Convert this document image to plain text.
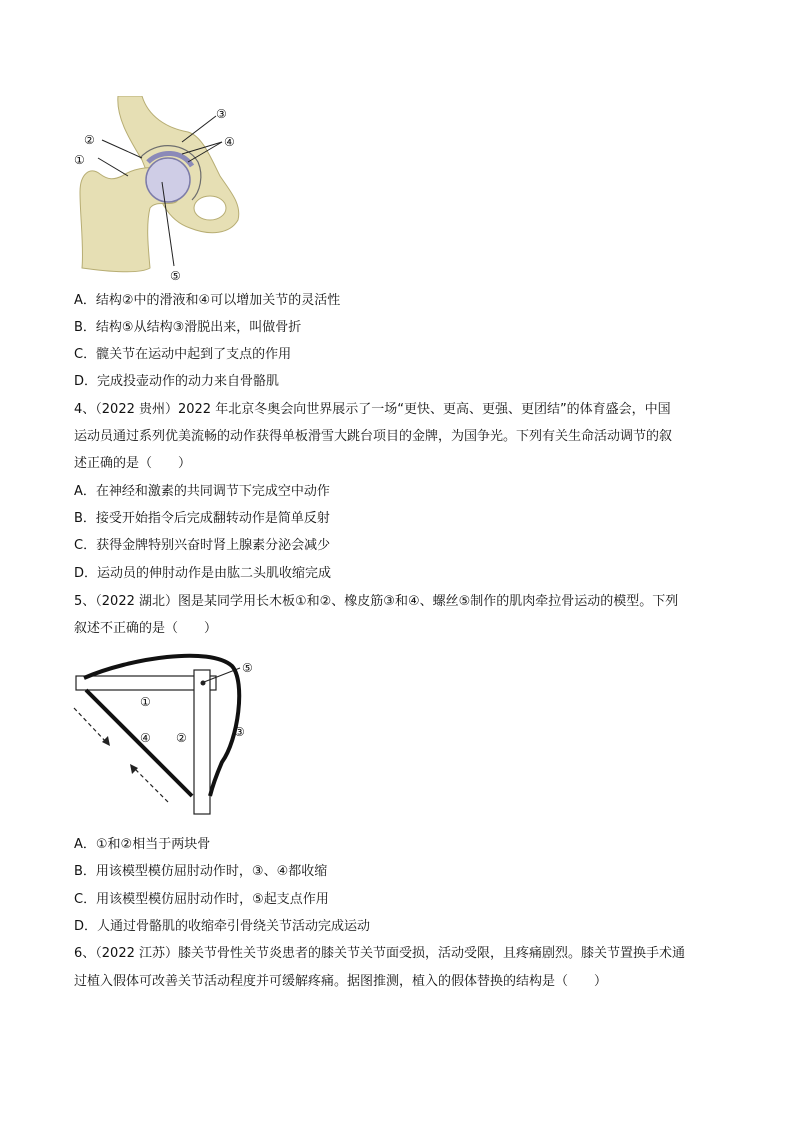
①
②
③
④
⑤
A．结构②中的滑液和④可以增加关节的灵活性
B．结构⑤从结构③滑脱出来，叫做骨折
C．髋关节在运动中起到了支点的作用
D．完成投壶动作的动力来自骨骼肌
4、（2022 贵州）2022 年北京冬奥会向世界展示了一场“更快、更高、更强、更团结”的体育盛会，中国
运动员通过系列优美流畅的动作获得单板滑雪大跳台项目的金牌，为国争光。下列有关生命活动调节的叙
述正确的是（　　）
A．在神经和激素的共同调节下完成空中动作
B．接受开始指令后完成翻转动作是简单反射
C．获得金牌特别兴奋时肾上腺素分泌会减少
D．运动员的伸肘动作是由肱二头肌收缩完成
5、（2022 湖北）图是某同学用长木板①和②、橡皮筋③和④、螺丝⑤制作的肌肉牵拉骨运动的模型。下列
叙述不正确的是（　　）
①
②	③
④
⑤
A．①和②相当于两块骨
B．用该模型模仿屈肘动作时，③、④都收缩
C．用该模型模仿屈肘动作时，⑤起支点作用
D．人通过骨骼肌的收缩牵引骨绕关节活动完成运动
6、（2022 江苏）膝关节骨性关节炎患者的膝关节关节面受损，活动受限，且疼痛剧烈。膝关节置换手术通
过植入假体可改善关节活动程度并可缓解疼痛。据图推测，植入的假体替换的结构是（　　）
